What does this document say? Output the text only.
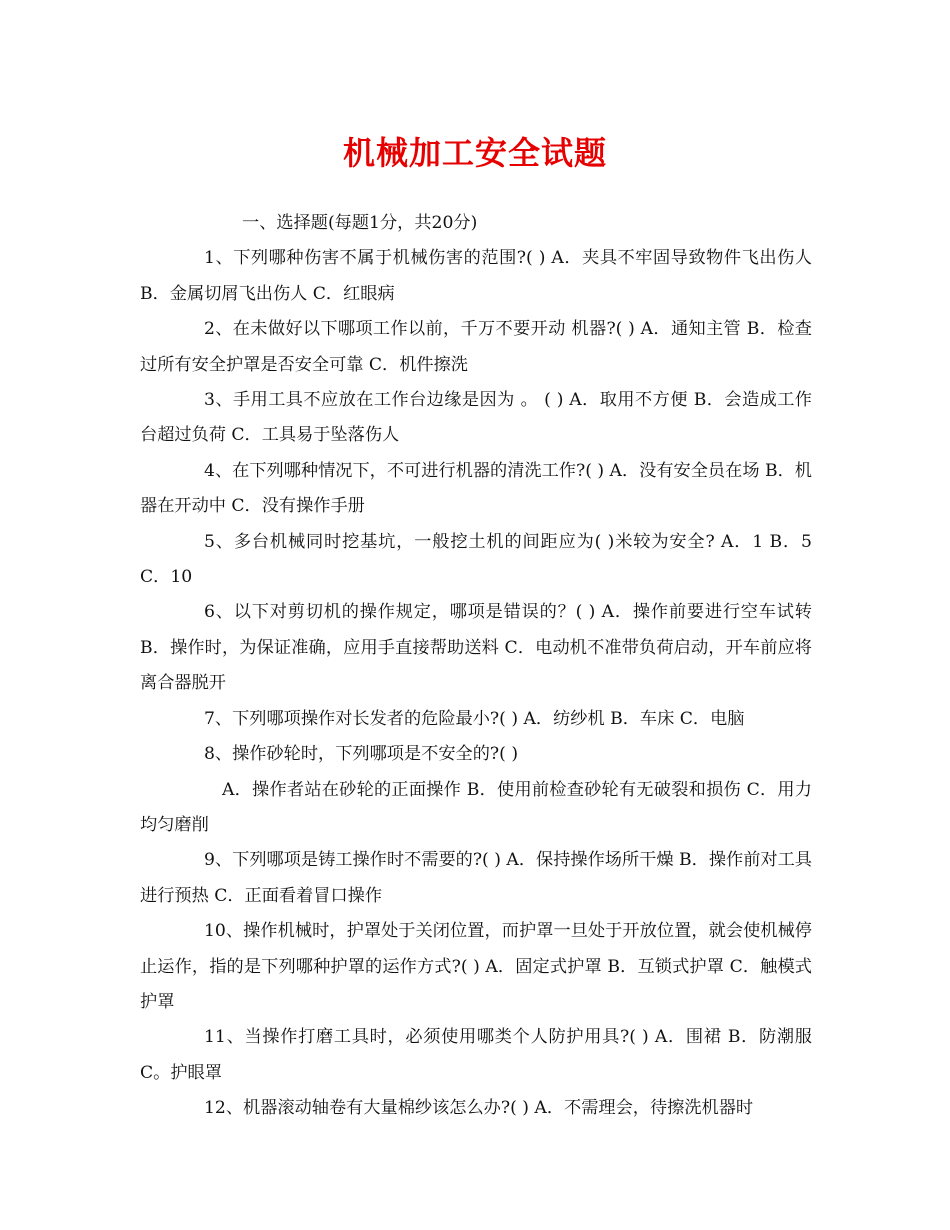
机械加工安全试题

一、选择题(每题1分，共20分)

1、下列哪种伤害不属于机械伤害的范围?( ) A．夹具不牢固导致物件飞出伤人 B．金属切屑飞出伤人 C．红眼病

2、在未做好以下哪项工作以前，千万不要开动 机器?( ) A．通知主管 B．检查过所有安全护罩是否安全可靠 C．机件擦洗

3、手用工具不应放在工作台边缘是因为 。 ( ) A．取用不方便 B．会造成工作台超过负荷 C．工具易于坠落伤人

4、在下列哪种情况下，不可进行机器的清洗工作?( ) A．没有安全员在场 B．机器在开动中 C．没有操作手册

5、多台机械同时挖基坑，一般挖土机的间距应为( )米较为安全? A．1 B．5 C．10

6、以下对剪切机的操作规定，哪项是错误的？( ) A．操作前要进行空车试转 B．操作时，为保证准确，应用手直接帮助送料 C．电动机不准带负荷启动，开车前应将离合器脱开

7、下列哪项操作对长发者的危险最小?( ) A．纺纱机 B．车床 C．电脑

8、操作砂轮时，下列哪项是不安全的?( )

A．操作者站在砂轮的正面操作 B．使用前检查砂轮有无破裂和损伤 C．用力均匀磨削

9、下列哪项是铸工操作时不需要的?( ) A．保持操作场所干燥 B．操作前对工具进行预热 C．正面看着冒口操作

10、操作机械时，护罩处于关闭位置，而护罩一旦处于开放位置，就会使机械停止运作，指的是下列哪种护罩的运作方式?( ) A．固定式护罩 B．互锁式护罩 C．触模式护罩

11、当操作打磨工具时，必须使用哪类个人防护用具?( ) A．围裙 B．防潮服 C。护眼罩

12、机器滚动轴卷有大量棉纱该怎么办?( ) A．不需理会，待擦洗机器时
